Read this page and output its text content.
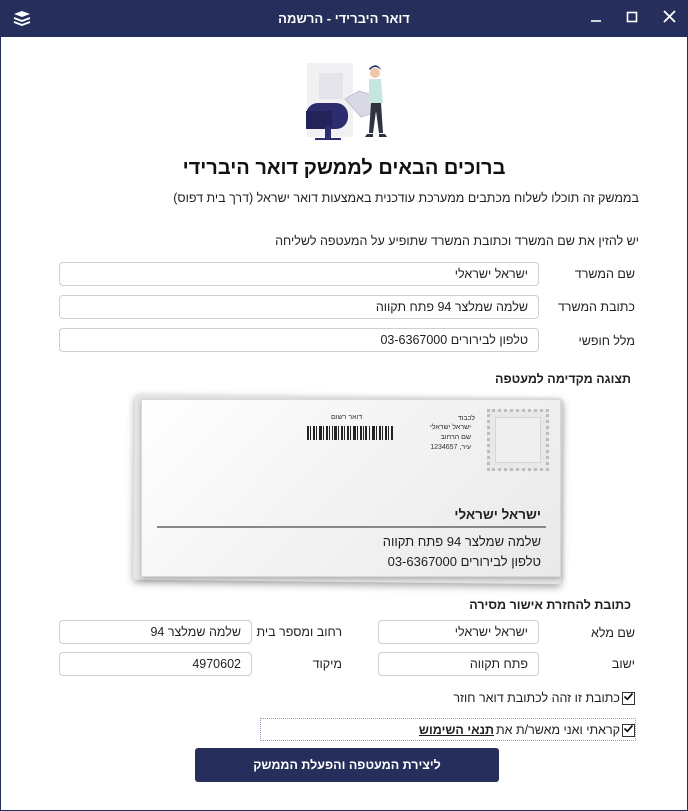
דואר היברידי - הרשמה
ברוכים הבאים לממשק דואר היברידי
בממשק זה תוכלו לשלוח מכתבים ממערכת עודכנית באמצעות דואר ישראל (דרך בית דפוס)
יש להזין את שם המשרד וכתובת המשרד שתופיע על המעטפה לשליחה
שם המשרד
ישראל ישראלי
כתובת המשרד
שלמה שמלצר 94 פתח תקווה
מלל חופשי
טלפון לבירורים 03-6367000
תצוגה מקדימה למעטפה
לכבוד
ישראל ישראלי
שם הרחוב
עיר, 1234657
דואר רשום
ישראל ישראלי
שלמה שמלצר 94 פתח תקווה
טלפון לבירורים 03-6367000
כתובת להחזרת אישור מסירה
שם מלא
ישראל ישראלי
רחוב ומספר בית
שלמה שמלצר 94
ישוב
פתח תקווה
מיקוד
4970602
כתובת זו זהה לכתובת דואר חוזר
קראתי ואני מאשר/ת את
תנאי השימוש
ליצירת המעטפה והפעלת הממשק
